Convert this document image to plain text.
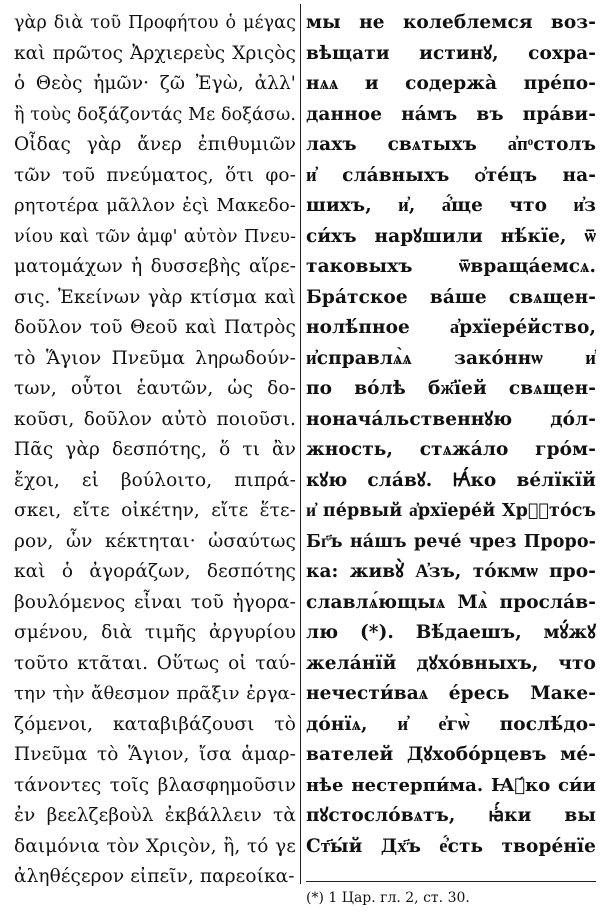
γὰρ διὰ τοῦ Προφήτου ὁ μέγας
καὶ πρῶτος Ἀρχιερεὺς Χριςὸς
ὁ Θεὸς ἡμῶν· ζῶ Ἐγὼ, ἀλλ'
ἢ τοὺς δοξάζοντάς Με δοξάσω.
Οἶδας γὰρ ἄνερ ἐπιθυμιῶν
τῶν τοῦ πνεύματος, ὅτι φο-
ρητοτέρα μᾶλλον ἐςὶ Μακεδο-
νίου καὶ τῶν ἀμφ' αὐτὸν Πνευ-
ματομάχων ἡ δυσσεβὴς αἵρε-
σις. Ἐκείνων γὰρ κτίσμα καὶ
δοῦλον τοῦ Θεοῦ καὶ Πατρὸς
τὸ Ἅγιον Πνεῦμα ληρωδούν-
των, οὗτοι ἑαυτῶν, ὡς δο-
κοῦσι, δοῦλον αὐτὸ ποιοῦσι.
Πᾶς γὰρ δεσπότης, ὅ τι ἂν
ἔχοι, εἰ βούλοιτο, πιπρά-
σκει, εἴτε οἰκέτην, εἴτε ἕτε-
ρον, ὧν κέκτηται· ὡσαύτως
καὶ ὁ ἀγοράζων, δεσπότης
βουλόμενος εἶναι τοῦ ἠγορα-
σμένου, διὰ τιμῆς ἀργυρίου
τοῦτο κτᾶται. Οὕτως οἱ ταύ-
την τὴν ἄθεσμον πρᾶξιν ἐργα-
ζόμενοι, καταβιβάζουσι τὸ
Πνεῦμα τὸ Ἅγιον, ἴσα ἁμαρ-
τάνοντες τοῖς βλασφημοῦσιν
ἐν βεελζεβοὺλ ἐκβάλλειν τὰ
δαιμόνια τὸν Χριςὸν, ἢ, τό γε
ἀληθέςερον εἰπεῖν, παρεοίκα-
мы не колеблемся воз-
вѣщати истинꙋ, сохра-
нѧѧ и содержа̀ пре́по-
данное на́мъ въ пра́ви-
лахъ свѧтыхъ а҆пͦстолъ
и҆ сла́вныхъ ѻ҆те́цъ на-
шихъ, и҆, а҆́ще что и҆з
си́хъ нарꙋшили нѣ́кїе, ѿ
таковыхъ ѿвраща́емсѧ.
Бра́тское ва́ше свѧщен-
нолѣ́пное а҆рхїере́йство,
и҆справлѧ̀ѧ зако́ннѡ и҆
по во́лѣ бж҃їей свѧщен-
нонача́льственнꙋю до́л-
жность, стѧжа́ло гро́м-
кꙋю сла́вꙋ. Ꙗ҆́ко ве́лїкїй
и҆ пе́рвый а҆рхїере́й Хрⷭ҇то́съ
Бг҃ъ на́шъ рече́ чрез Проро-
ка: живꙋ̀ А҆зъ, то́кмѡ про-
славлѧ́ющыѧ Мѧ̀ просла́в-
лю (*). Вѣ́даешъ, мꙋ́жꙋ
жела́нїй дꙋхо́вныхъ, что
нечести́ваѧ е́ресь Маке-
до́нїѧ, и҆ е҆гѡ̀ послѣ́до-
вателей Дꙋхобо́рцевъ ме́-
нѣе нестерпи́ма. Ꙗ҆́ко си́и
пꙋстосло́вѧтъ, ꙗ҆́ки вы
Ст҃ы́й Дх҃ъ е҆́сть творе́нїе
(*) 1 Цар. гл. 2, ст. 30.
